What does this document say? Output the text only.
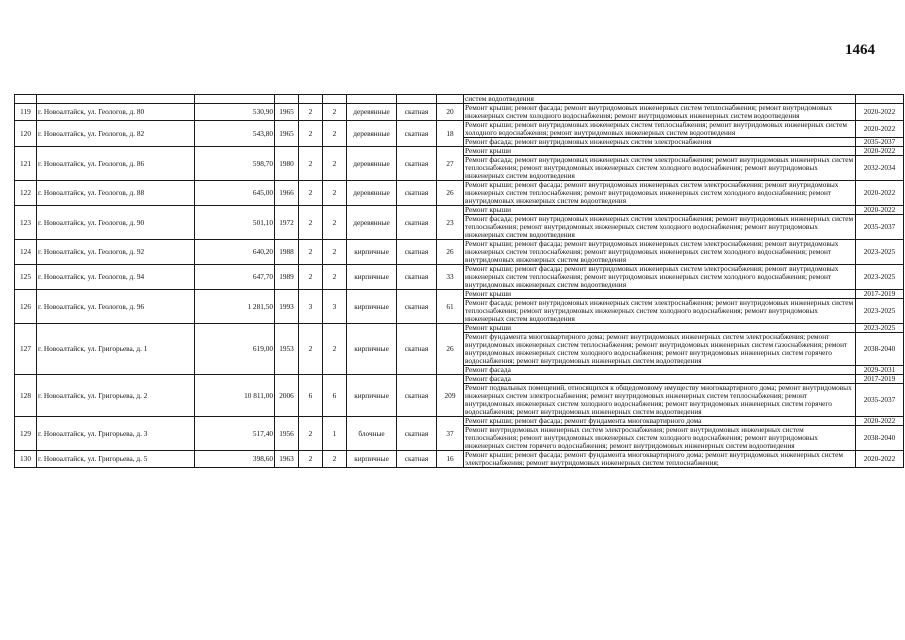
1464
									систем водоотведения	
119	г. Новоалтайск, ул. Геологов, д. 80	530,90	1965	2	2	деревянные	скатная	20	Ремонт крыши; ремонт фасада; ремонт внутридомовых инженерных систем теплоснабжения; ремонт внутридомовых инженерных систем холодного водоснабжения; ремонт внутридомовых инженерных систем водоотведения	2020-2022
120	г. Новоалтайск, ул. Геологов, д. 82	543,80	1965	2	2	деревянные	скатная	18	Ремонт крыши; ремонт внутридомовых инженерных систем теплоснабжения; ремонт внутридомовых инженерных систем холодного водоснабжения; ремонт внутридомовых инженерных систем водоотведения	2020-2022
									Ремонт фасада; ремонт внутридомовых инженерных систем электроснабжения	2035-2037
121	г. Новоалтайск, ул. Геологов, д. 86	598,70	1980	2	2	деревянные	скатная	27	Ремонт крыши	2020-2022
									Ремонт фасада; ремонт внутридомовых инженерных систем электроснабжения; ремонт внутридомовых инженерных систем теплоснабжения; ремонт внутридомовых инженерных систем холодного водоснабжения; ремонт внутридомовых инженерных систем водоотведения	2032-2034
122	г. Новоалтайск, ул. Геологов, д. 88	645,00	1966	2	2	деревянные	скатная	26	Ремонт крыши; ремонт фасада; ремонт внутридомовых инженерных систем электроснабжения; ремонт внутридомовых инженерных систем теплоснабжения; ремонт внутридомовых инженерных систем холодного водоснабжения; ремонт внутридомовых инженерных систем водоотведения	2020-2022
123	г. Новоалтайск, ул. Геологов, д. 90	501,10	1972	2	2	деревянные	скатная	23	Ремонт крыши	2020-2022
									Ремонт фасада; ремонт внутридомовых инженерных систем электроснабжения; ремонт внутридомовых инженерных систем теплоснабжения; ремонт внутридомовых инженерных систем холодного водоснабжения; ремонт внутридомовых инженерных систем водоотведения	2035-2037
124	г. Новоалтайск, ул. Геологов, д. 92	640,20	1988	2	2	кирпичные	скатная	26	Ремонт крыши; ремонт фасада; ремонт внутридомовых инженерных систем электроснабжения; ремонт внутридомовых инженерных систем теплоснабжения; ремонт внутридомовых инженерных систем холодного водоснабжения; ремонт внутридомовых инженерных систем водоотведения	2023-2025
125	г. Новоалтайск, ул. Геологов, д. 94	647,70	1989	2	2	кирпичные	скатная	33	Ремонт крыши; ремонт фасада; ремонт внутридомовых инженерных систем электроснабжения; ремонт внутридомовых инженерных систем теплоснабжения; ремонт внутридомовых инженерных систем холодного водоснабжения; ремонт внутридомовых инженерных систем водоотведения	2023-2025
126	г. Новоалтайск, ул. Геологов, д. 96	1 281,50	1993	3	3	кирпичные	скатная	61	Ремонт крыши	2017-2019
									Ремонт фасада; ремонт внутридомовых инженерных систем электроснабжения; ремонт внутридомовых инженерных систем теплоснабжения; ремонт внутридомовых инженерных систем холодного водоснабжения; ремонт внутридомовых инженерных систем водоотведения	2023-2025
127	г. Новоалтайск, ул. Григорьева, д. 1	619,00	1953	2	2	кирпичные	скатная	26	Ремонт крыши	2023-2025
									Ремонт фундамента многоквартирного дома; ремонт внутридомовых инженерных систем электроснабжения; ремонт внутридомовых инженерных систем теплоснабжения; ремонт внутридомовых инженерных систем газоснабжения; ремонт внутридомовых инженерных систем холодного водоснабжения; ремонт внутридомовых инженерных систем горячего водоснабжения; ремонт внутридомовых инженерных систем водоотведения	2038-2040
									Ремонт фасада	2029-2031
128	г. Новоалтайск, ул. Григорьева, д. 2	10 811,00	2006	6	6	кирпичные	скатная	209	Ремонт фасада	2017-2019
									Ремонт подвальных помещений, относящихся к общедомовому имуществу многоквартирного дома; ремонт внутридомовых инженерных систем электроснабжения; ремонт внутридомовых инженерных систем теплоснабжения; ремонт внутридомовых инженерных систем холодного водоснабжения; ремонт внутридомовых инженерных систем горячего водоснабжения; ремонт внутридомовых инженерных систем водоотведения	2035-2037
129	г. Новоалтайск, ул. Григорьева, д. 3	517,40	1956	2	1	блочные	скатная	37	Ремонт крыши; ремонт фасада; ремонт фундамента многоквартирного дома	2020-2022
									Ремонт внутридомовых инженерных систем электроснабжения; ремонт внутридомовых инженерных систем теплоснабжения; ремонт внутридомовых инженерных систем холодного водоснабжения; ремонт внутридомовых инженерных систем горячего водоснабжения; ремонт внутридомовых инженерных систем водоотведения	2038-2040
130	г. Новоалтайск, ул. Григорьева, д. 5	398,60	1963	2	2	кирпичные	скатная	16	Ремонт крыши; ремонт фасада; ремонт фундамента многоквартирного дома; ремонт внутридомовых инженерных систем электроснабжения; ремонт внутридомовых инженерных систем теплоснабжения;	2020-2022
